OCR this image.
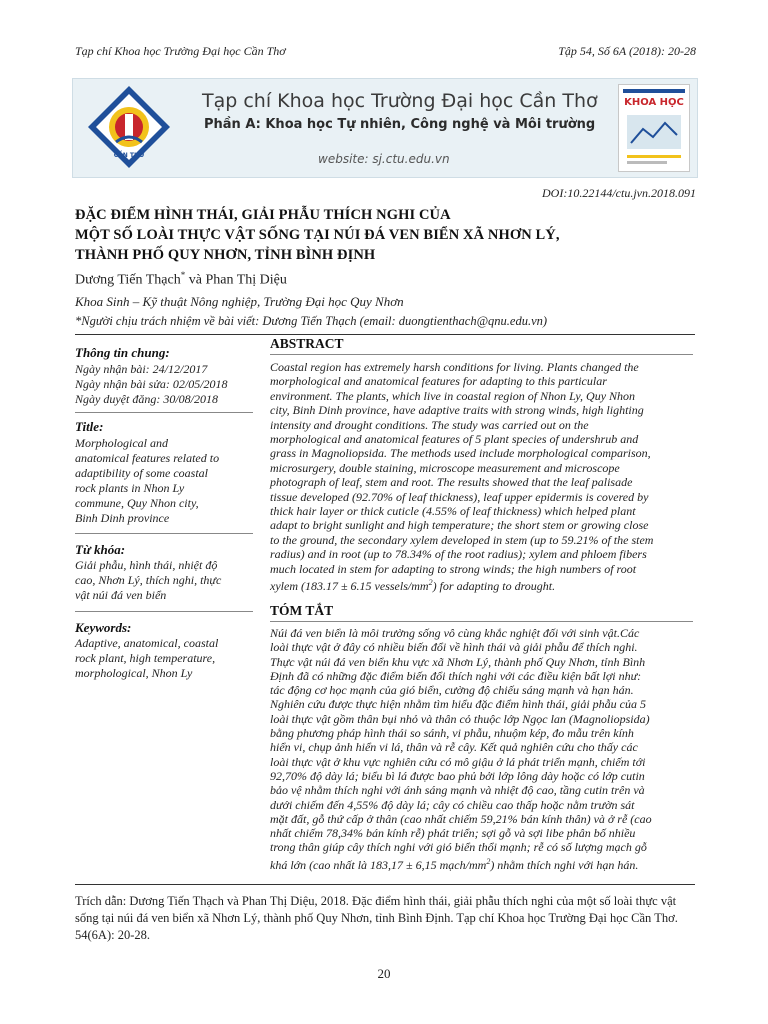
Tạp chí Khoa học Trường Đại học Cần Thơ	Tập 54, Số 6A (2018): 20-28
CẦN THƠ
Tạp chí Khoa học Trường Đại học Cần Thơ
Phần A: Khoa học Tự nhiên, Công nghệ và Môi trường
website: sj.ctu.edu.vn
KHOA HỌC
DOI:10.22144/ctu.jvn.2018.091
ĐẶC ĐIỂM HÌNH THÁI, GIẢI PHẪU THÍCH NGHI CỦA
MỘT SỐ LOÀI THỰC VẬT SỐNG TẠI NÚI ĐÁ VEN BIỂN XÃ NHƠN LÝ,
THÀNH PHỐ QUY NHƠN, TỈNH BÌNH ĐỊNH
Dương Tiến Thạch* và Phan Thị Diệu
Khoa Sinh – Kỹ thuật Nông nghiệp, Trường Đại học Quy Nhơn
*Người chịu trách nhiệm về bài viết: Dương Tiến Thạch (email: duongtienthach@qnu.edu.vn)
Thông tin chung:
Ngày nhận bài: 24/12/2017
Ngày nhận bài sửa: 02/05/2018
Ngày duyệt đăng: 30/08/2018
Title:
Morphological and
anatomical features related to
adaptibility of some coastal
rock plants in Nhon Ly
commune, Quy Nhon city,
Binh Dinh province
Từ khóa:
Giải phẫu, hình thái, nhiệt độ
cao, Nhơn Lý, thích nghi, thực
vật núi đá ven biển
Keywords:
Adaptive, anatomical, coastal
rock plant, high temperature,
morphological, Nhon Ly
ABSTRACT
Coastal region has extremely harsh conditions for living. Plants changed the
morphological and anatomical features for adapting to this particular
environment. The plants, which live in coastal region of Nhon Ly, Quy Nhon
city, Binh Dinh province, have adaptive traits with strong winds, high lighting
intensity and drought conditions. The study was carried out on the
morphological and anatomical features of 5 plant species of undershrub and
grass in Magnoliopsida. The methods used include morphological comparison,
microsurgery, double staining, microscope measurement and microscope
photograph of leaf, stem and root. The results showed that the leaf palisade
tissue developed (92.70% of leaf thickness), leaf upper epidermis is covered by
thick hair layer or thick cuticle (4.55% of leaf thickness) which helped plant
adapt to bright sunlight and high temperature; the short stem or growing close
to the ground, the secondary xylem developed in stem (up to 59.21% of the stem
radius) and in root (up to 78.34% of the root radius); xylem and phloem fibers
much located in stem for adapting to strong winds; the high numbers of root
xylem (183.17 ± 6.15 vessels/$mm^2$) for adapting to drought.
TÓM TẮT
Núi đá ven biển là môi trường sống vô cùng khắc nghiệt đối với sinh vật.Các
loài thực vật ở đây có nhiều biến đổi về hình thái và giải phẫu để thích nghi.
Thực vật núi đá ven biển khu vực xã Nhơn Lý, thành phố Quy Nhơn, tỉnh Bình
Định đã có những đặc điểm biến đổi thích nghi với các điều kiện bất lợi như:
tác động cơ học mạnh của gió biển, cường độ chiếu sáng mạnh và hạn hán.
Nghiên cứu được thực hiện nhằm tìm hiểu đặc điểm hình thái, giải phẫu của 5
loài thực vật gồm thân bụi nhỏ và thân cỏ thuộc lớp Ngọc lan (Magnoliopsida)
bằng phương pháp hình thái so sánh, vi phẫu, nhuộm kép, đo mẫu trên kính
hiển vi, chụp ảnh hiển vi lá, thân và rễ cây. Kết quả nghiên cứu cho thấy các
loài thực vật ở khu vực nghiên cứu có mô giậu ở lá phát triển mạnh, chiếm tới
92,70% độ dày lá; biểu bì lá được bao phủ bởi lớp lông dày hoặc có lớp cutin
bảo vệ nhằm thích nghi với ánh sáng mạnh và nhiệt độ cao, tầng cutin trên và
dưới chiếm đến 4,55% độ dày lá; cây có chiều cao thấp hoặc nằm trườn sát
mặt đất, gỗ thứ cấp ở thân (cao nhất chiếm 59,21% bán kính thân) và ở rễ (cao
nhất chiếm 78,34% bán kính rễ) phát triển; sợi gỗ và sợi libe phân bố nhiều
trong thân giúp cây thích nghi với gió biển thổi mạnh; rễ có số lượng mạch gỗ
khá lớn (cao nhất là 183,17 ± 6,15 mạch/$mm^2$) nhằm thích nghi với hạn hán.
Trích dẫn: Dương Tiến Thạch và Phan Thị Diệu, 2018. Đặc điểm hình thái, giải phẫu thích nghi của một số loài thực vật sống tại núi đá ven biển xã Nhơn Lý, thành phố Quy Nhơn, tỉnh Bình Định. Tạp chí Khoa học Trường Đại học Cần Thơ. 54(6A): 20-28.
20
